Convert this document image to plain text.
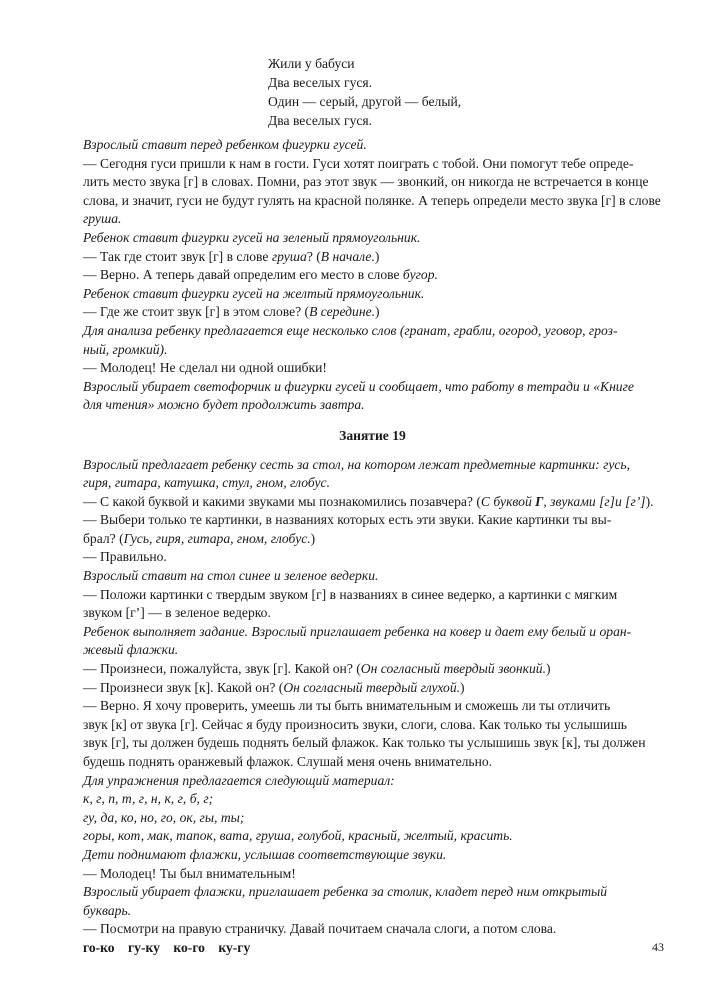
Жили у бабуси
Два веселых гуся.
Один — серый, другой — белый,
Два веселых гуся.

Взрослый ставит перед ребенком фигурки гусей.

— Сегодня гуси пришли к нам в гости. Гуси хотят поиграть с тобой. Они помогут тебе опреде-

лить место звука [г] в словах. Помни, раз этот звук — звонкий, он никогда не встречается в конце

слова, и значит, гуси не будут гулять на красной полянке. А теперь определи место звука [г] в слове

груша.

Ребенок ставит фигурки гусей на зеленый прямоугольник.

— Так где стоит звук [г] в слове груша? (В начале.)

— Верно. А теперь давай определим его место в слове бугор.

Ребенок ставит фигурки гусей на желтый прямоугольник.

— Где же стоит звук [г] в этом слове? (В середине.)

Для анализа ребенку предлагается еще несколько слов (гранат, грабли, огород, уговор, гроз-

ный, громкий).

— Молодец! Не сделал ни одной ошибки!

Взрослый убирает светофорчик и фигурки гусей и сообщает, что работу в тетради и «Книге

для чтения» можно будет продолжить завтра.

Занятие 19

Взрослый предлагает ребенку сесть за стол, на котором лежат предметные картинки: гусь,

гиря, гитара, катушка, стул, гном, глобус.

— С какой буквой и какими звуками мы познакомились позавчера? (С буквой Г, звуками [г]и [г’]).

— Выбери только те картинки, в названиях которых есть эти звуки. Какие картинки ты вы-

брал? (Гусь, гиря, гитара, гном, глобус.)

— Правильно.

Взрослый ставит на стол синее и зеленое ведерки.

— Положи картинки с твердым звуком [г] в названиях в синее ведерко, а картинки с мягким

звуком [г’] — в зеленое ведерко.

Ребенок выполняет задание. Взрослый приглашает ребенка на ковер и дает ему белый и оран-

жевый флажки.

— Произнеси, пожалуйста, звук [г]. Какой он? (Он согласный твердый звонкий.)

— Произнеси звук [к]. Какой он? (Он согласный твердый глухой.)

— Верно. Я хочу проверить, умеешь ли ты быть внимательным и сможешь ли ты отличить

звук [к] от звука [г]. Сейчас я буду произносить звуки, слоги, слова. Как только ты услышишь

звук [г], ты должен будешь поднять белый флажок. Как только ты услышишь звук [к], ты должен

будешь поднять оранжевый флажок. Слушай меня очень внимательно.

Для упражнения предлагается следующий материал:

к, г, п, т, г, н, к, г, б, г;

гу, да, ко, но, го, ок, гы, ты;

горы, кот, мак, тапок, вата, груша, голубой, красный, желтый, красить.

Дети поднимают флажки, услышав соответствующие звуки.

— Молодец! Ты был внимательным!

Взрослый убирает флажки, приглашает ребенка за столик, кладет перед ним открытый

букварь.

— Посмотри на правую страничку. Давай почитаем сначала слоги, а потом слова.

го-ко гу-ку ко-го ку-гу	43
